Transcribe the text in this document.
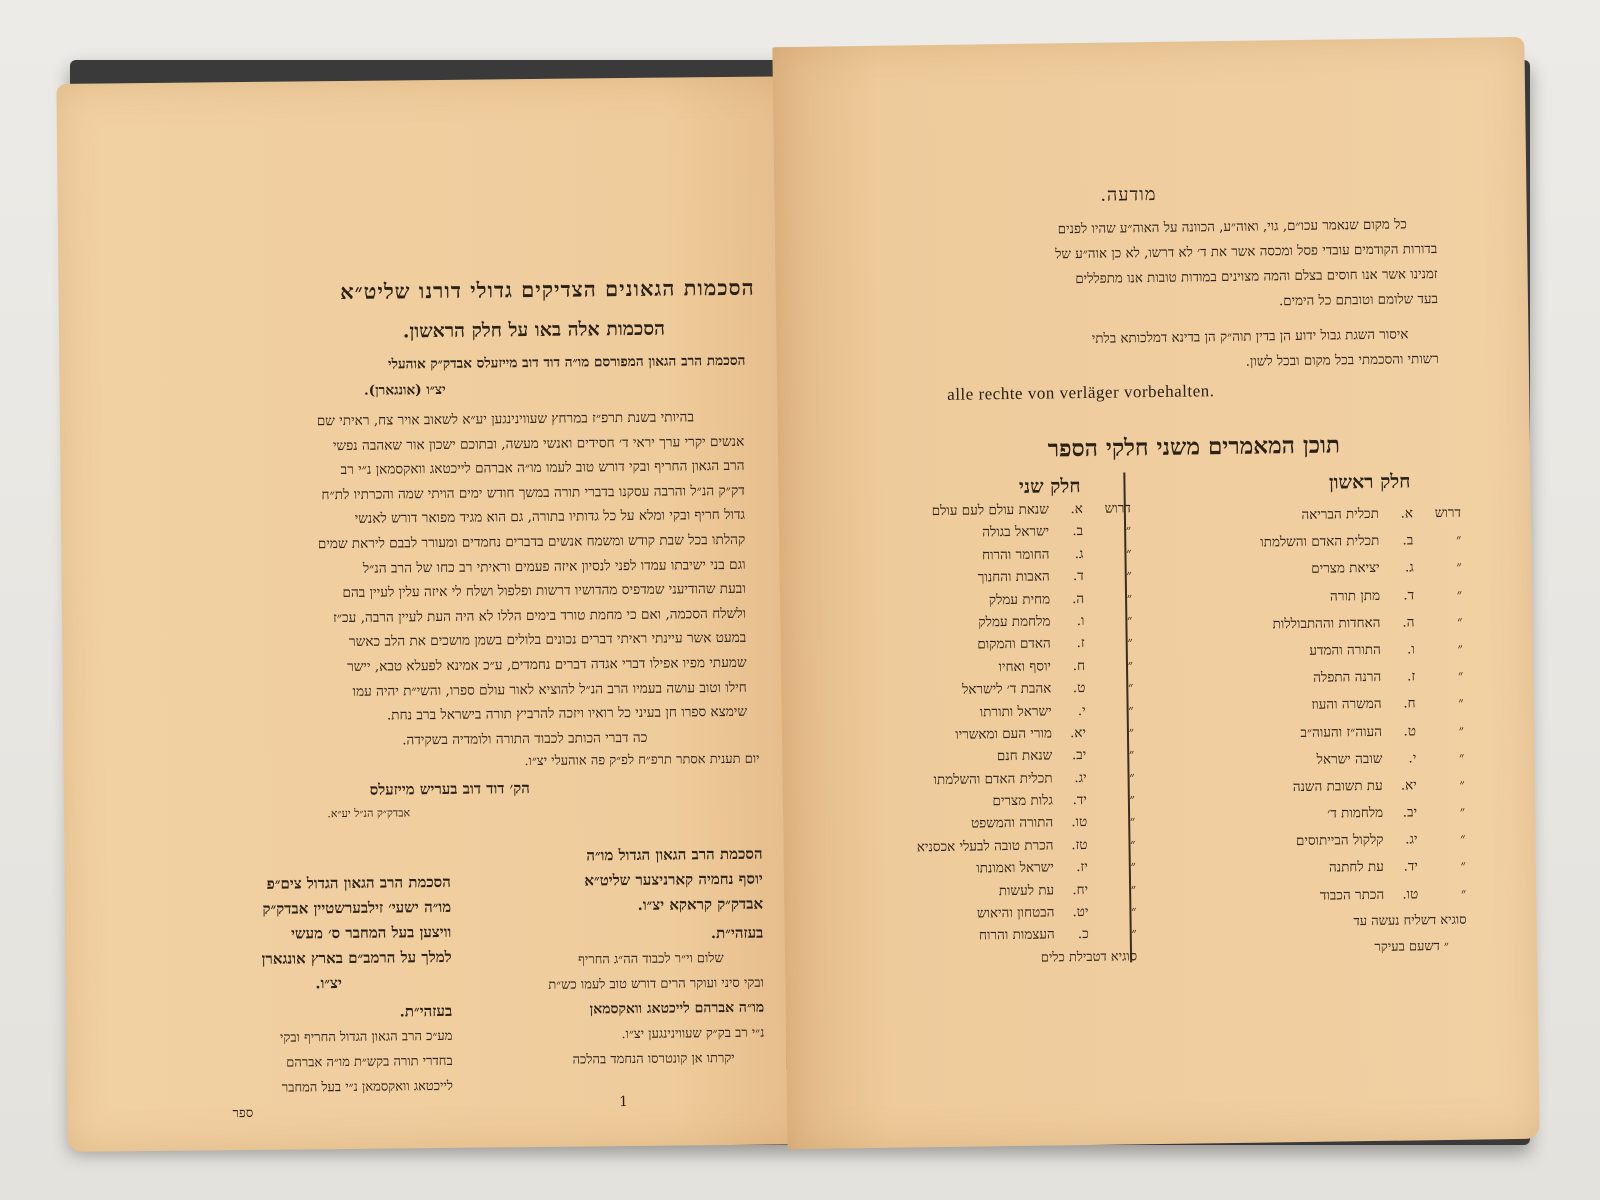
הסכמות הגאונים הצדיקים גדולי דורנו שליט״א
הסכמות אלה באו על חלק הראשון.
הסכמת הרב הגאון המפורסם מו״ה דוד דוב מייזעלס אבדק״ק אוהעלי
יצ״ו (אונגארן).
בהיותי בשנת תרפ״ז במרחץ שעווינינגען יע״א לשאוב אויר צח, ראיתי שם
אנשים יקרי ערך יראי ד׳ חסידים ואנשי מעשה, ובתוכם ישכון אור שאהבה נפשי
הרב הגאון החריף ובקי דורש טוב לעמו מו״ה אברהם לייכטאג וואקסמאן נ״י רב
דק״ק הנ״ל והרבה עסקנו בדברי תורה במשך חודש ימים הויתי שמה והכרתיו לת״ח
גדול חריף ובקי ומלא על כל גדותיו בתורה, גם הוא מגיד מפואר דורש לאנשי
קהלתו בכל שבת קודש ומשמח אנשים בדברים נחמדים ומעורר לבבם ליראת שמים
וגם בני ישיבתו עמדו לפני לנסיון איזה פעמים וראיתי רב כחו של הרב הנ״ל
ובעת שהודיעני שמדפיס מהדושיו דרשות ופלפול ושלח לי איזה עלין לעיין בהם
ולשלח הסכמה, ואם כי מחמת טורד בימים הללו לא היה העת לעיין הרבה, עכ״ז
במעט אשר עיינתי ראיתי דברים נכונים בלולים בשמן מושכים את הלב כאשר
שמעתי מפיו אפילו דברי אגדה דברים נחמדים, ע״כ אמינא לפעלא טבא, יישר
חילו וטוב עושה בעמיו הרב הנ״ל להוציא לאור עולם ספרו, והשי״ת יהיה עמו
שימצא ספרו חן בעיני כל רואיו ויזכה להרביץ תורה בישראל ברב נחת.
כה דברי הכותב לכבוד התורה ולומדיה בשקידה.
יום תענית אסתר תרפ״ח לפ״ק פה אוהעלי יצ״ו.
הק׳ דוד דוב בעריש מייזעלס
אבדק״ק הנ״ל יע״א.
הסכמת הרב הגאון הגדול מו״ה
יוסף נחמיה קארניצער שליט״א
אבדק״ק קראקא יצ״ו.
בעזהי״ת.
שלום וי״ר לכבוד הה״ג החריף
ובקי סיני ועוקר הרים דורש טוב לעמו כש״ת
מו״ה אברהם לייכטאג וואקסמאן
נ״י רב בק״ק שעווינינגען יצ״ו.
יקרתו אן קונטרסו הנחמד בהלכה
הסכמת הרב הגאון הגדול צים״פ
מו״ה ישעי׳ זילבערשטיין אבדק״ק
וויצען בעל המחבר ס׳ מעשי
למלך על הרמב״ם בארץ אונגארן
יצ״ו.
בעזהי״ת.
מע״כ הרב הגאון הגדול החריף ובקי
בחדרי תורה בקש״ת מו״ה אברהם
לייכטאג וואקסמאן נ״י בעל המחבר
ספר
1
מודעה.
כל מקום שנאמר עכו״ם, גוי, ואוה״ע, הכוונה על האוה״ע שהיו לפנים
בדורות הקודמים עובדי פסל ומכסה אשר את ד׳ לא דרשו, לא כן אוה״ע של
זמנינו אשר אנו חוסים בצלם והמה מצוינים במודות טובות אנו מתפללים
בעד שלומם וטובתם כל הימים.
איסור השגת גבול ידוע הן בדין תוה״ק הן בדינא דמלכותא בלתי
רשותי והסכמתי בכל מקום ובכל לשון.
alle rechte von verläger vorbehalten.
תוכן המאמרים משני חלקי הספר
חלק ראשון
חלק שני
דרוש
א.
תכלית הבריאה
״
ב.
תכלית האדם והשלמתו
״
ג.
יציאת מצרים
״
ד.
מתן תורה
״
ה.
האחדות וההתבוללות
״
ו.
התורה והמדע
״
ז.
הרנה התפלה
״
ח.
המשרה והעוז
״
ט.
העוה״ז והעוה״ב
״
י.
שובה ישראל
״
יא.
עת תשובת השנה
״
יב.
מלחמות ד׳
״
יג.
קלקול הבייתוסים
״
יד.
עת לחתנה
״
טו.
הכתר הכבוד
סוגיא דשליח נעשה עד
״ דשעם בעיקר
דרוש
א.
שנאת עולם לעם עולם
״
ב.
ישראל בגולה
״
ג.
החומר והרוח
״
ד.
האבות והחנוך
״
ה.
מחית עמלק
״
ו.
מלחמת עמלק
״
ז.
האדם והמקום
״
ח.
יוסף ואחיו
״
ט.
אהבת ד׳ לישראל
״
י.
ישראל ותורתו
״
יא.
מורי העם ומאשריו
״
יב.
שנאת חנם
״
יג.
תכלית האדם והשלמתו
״
יד.
גלות מצרים
״
טו.
התורה והמשפט
״
טז.
הכרת טובה לבעלי אכסניא
״
יז.
ישראל ואמונתו
״
יח.
עת לעשות
״
יט.
הבטחון והיאוש
״
כ.
העצמות והרוח
סוגיא דטבילת כלים
